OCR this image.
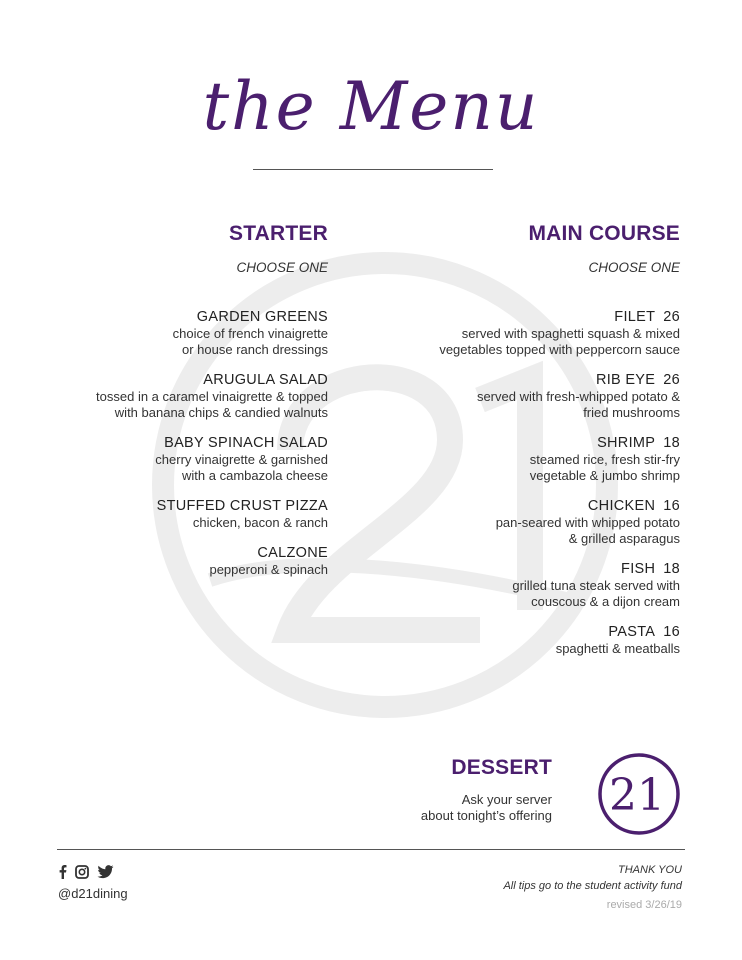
the Menu
STARTER
CHOOSE ONE
GARDEN GREENS
choice of french vinaigrette
or house ranch dressings
ARUGULA SALAD
tossed in a caramel vinaigrette & topped
with banana chips & candied walnuts
BABY SPINACH SALAD
cherry vinaigrette & garnished
with a cambazola cheese
STUFFED CRUST PIZZA
chicken, bacon & ranch
CALZONE
pepperoni & spinach
MAIN COURSE
CHOOSE ONE
FILET 26
served with spaghetti squash & mixed
vegetables topped with peppercorn sauce
RIB EYE 26
served with fresh-whipped potato &
fried mushrooms
SHRIMP 18
steamed rice, fresh stir-fry
vegetable & jumbo shrimp
CHICKEN 16
pan-seared with whipped potato
& grilled asparagus
FISH 18
grilled tuna steak served with
couscous & a dijon cream
PASTA 16
spaghetti & meatballs
DESSERT
Ask your server
about tonight’s offering 21
@d21dining
THANK YOU
All tips go to the student activity fund
revised 3/26/19
